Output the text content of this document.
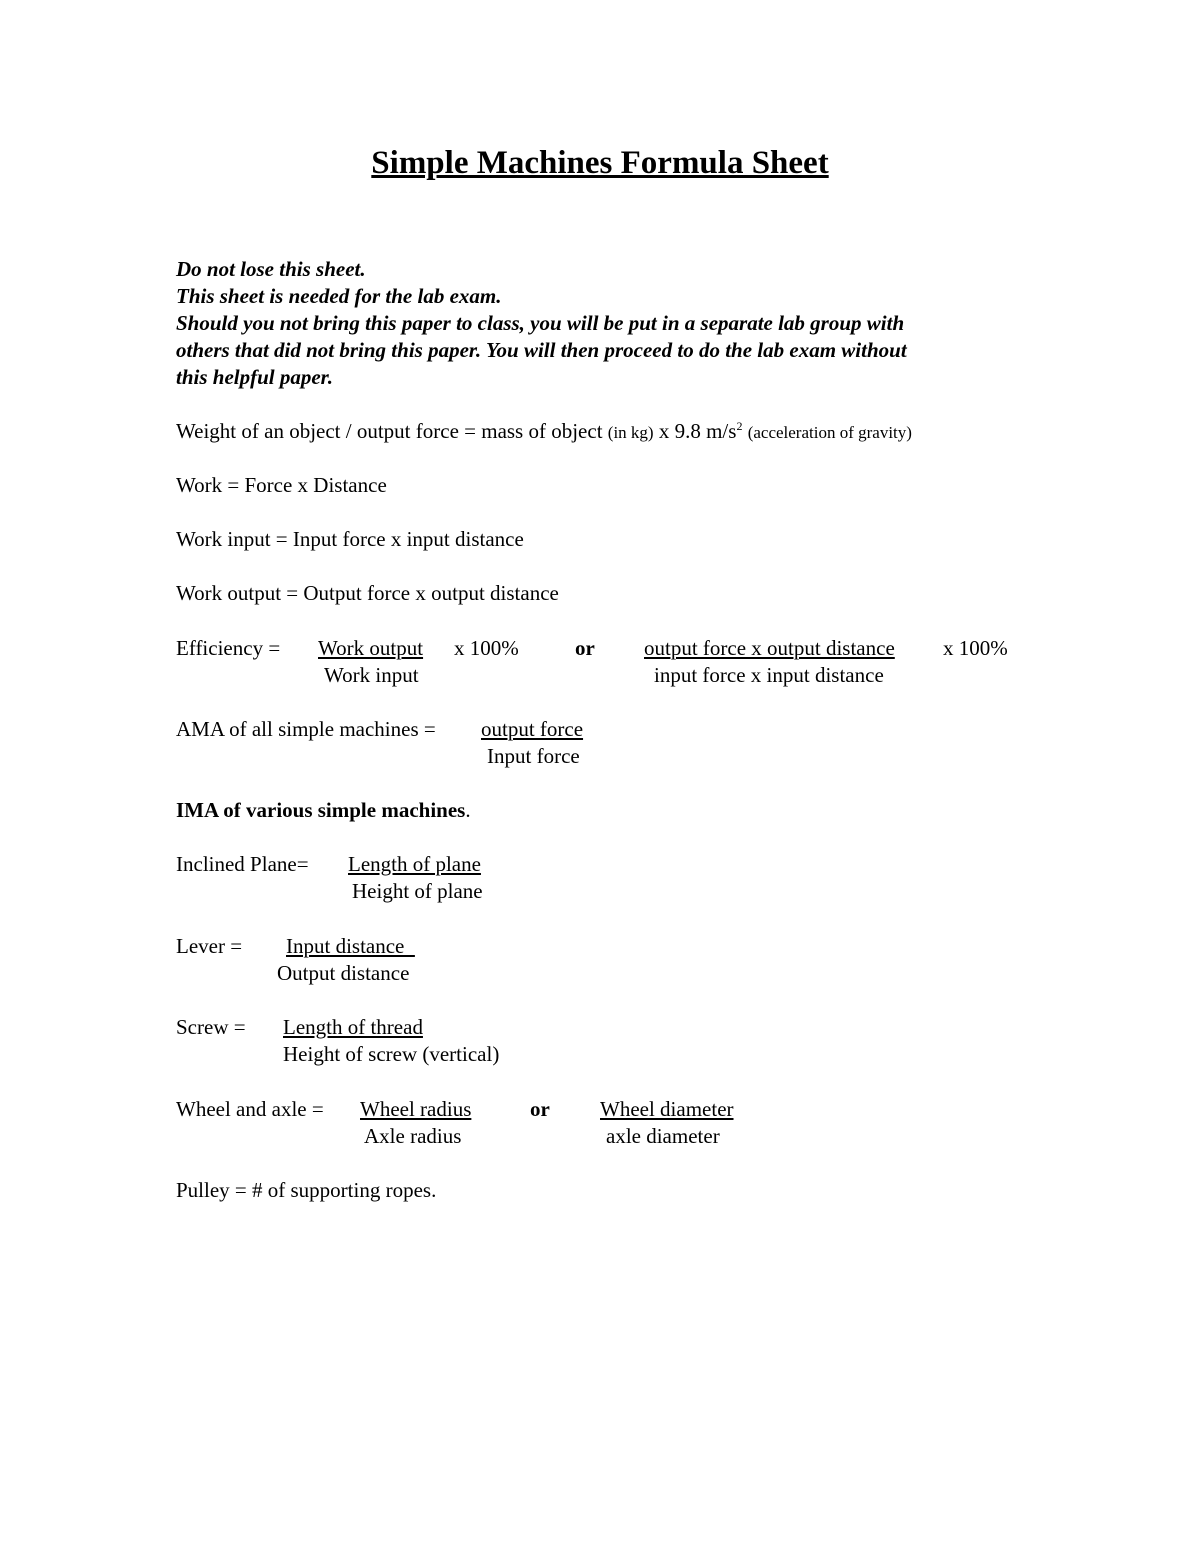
Simple Machines Formula Sheet
Do not lose this sheet.
This sheet is needed for the lab exam.
Should you not bring this paper to class, you will be put in a separate lab group with
others that did not bring this paper. You will then proceed to do the lab exam without
this helpful paper.
Weight of an object / output force = mass of object (in kg) x 9.8 $m/s^2$ (acceleration of gravity)
Work = Force x Distance
Work input = Input force x input distance
Work output = Output force x output distance
Efficiency = Work output x 100%	or output force x output distance x 100%
Work input	input force x input distance
AMA of all simple machines = output force
Input force
IMA of various simple machines.
Inclined Plane= Length of plane
Height of plane
Lever = Input distance
Output distance
Screw = Length of thread
Height of screw (vertical)
Wheel and axle = Wheel radius	or Wheel diameter
Axle radius	axle diameter
Pulley = # of supporting ropes.
